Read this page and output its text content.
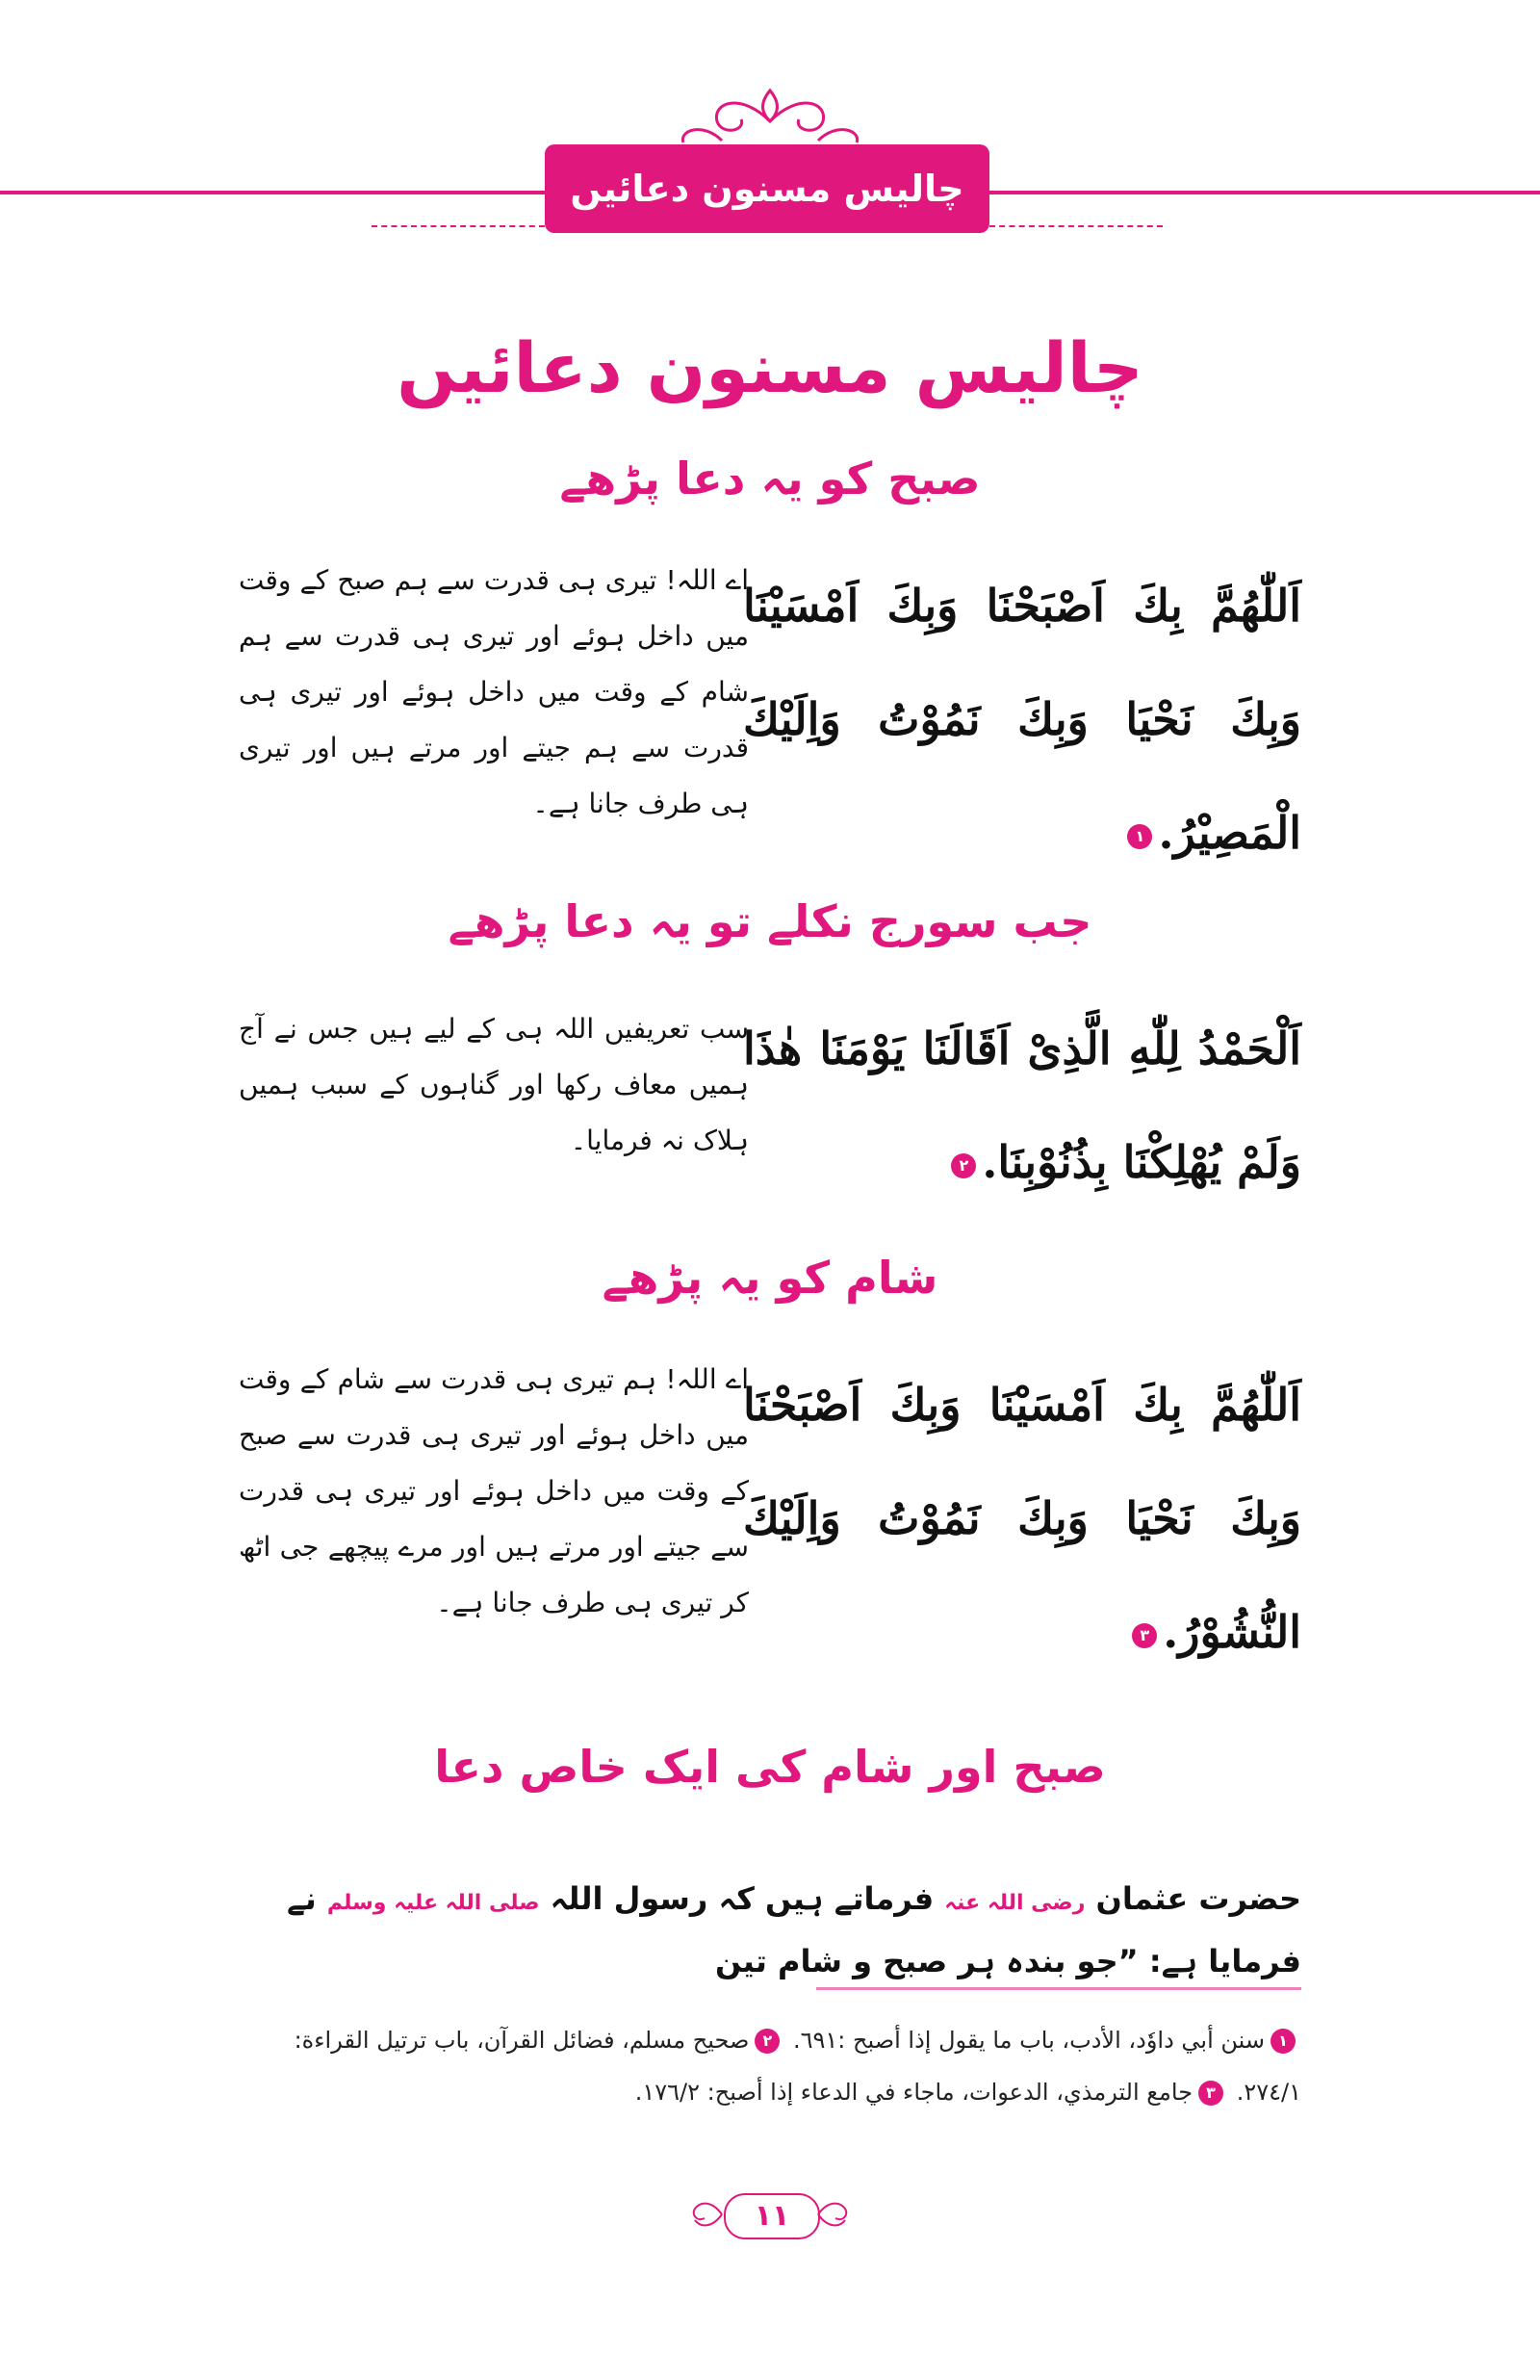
چالیس مسنون دعائیں
چالیس مسنون دعائیں
صبح کو یہ دعا پڑھے
اَللّٰهُمَّ بِكَ اَصْبَحْنَا وَبِكَ اَمْسَيْنَا وَبِكَ نَحْيَا وَبِكَ نَمُوْتُ وَاِلَيْكَ الْمَصِيْرُ.١
اے اللہ! تیری ہی قدرت سے ہم صبح کے وقت میں داخل ہوئے اور تیری ہی قدرت سے ہم شام کے وقت میں داخل ہوئے اور تیری ہی قدرت سے ہم جیتے اور مرتے ہیں اور تیری ہی طرف جانا ہے۔
جب سورج نکلے تو یہ دعا پڑھے
اَلْحَمْدُ لِلّٰهِ الَّذِىْ اَقَالَنَا يَوْمَنَا هٰذَا وَلَمْ يُهْلِكْنَا بِذُنُوْبِنَا.٢
سب تعریفیں اللہ ہی کے لیے ہیں جس نے آج ہمیں معاف رکھا اور گناہوں کے سبب ہمیں ہلاک نہ فرمایا۔
شام کو یہ پڑھے
اَللّٰهُمَّ بِكَ اَمْسَيْنَا وَبِكَ اَصْبَحْنَا وَبِكَ نَحْيَا وَبِكَ نَمُوْتُ وَاِلَيْكَ النُّشُوْرُ.٣
اے اللہ! ہم تیری ہی قدرت سے شام کے وقت میں داخل ہوئے اور تیری ہی قدرت سے صبح کے وقت میں داخل ہوئے اور تیری ہی قدرت سے جیتے اور مرتے ہیں اور مرے پیچھے جی اٹھ کر تیری ہی طرف جانا ہے۔
صبح اور شام کی ایک خاص دعا
حضرت عثمان رضی اللہ عنہ فرماتے ہیں کہ رسول اللہ صلی اللہ علیہ وسلم نے فرمایا ہے: ”جو بندہ ہر صبح و شام تین
١سنن أبي داوٗد، الأدب، باب ما يقول إذا أصبح :٦٩١. ٢صحيح مسلم، فضائل القرآن، باب ترتيل القراءة:
٢٧٤/١. ٣جامع الترمذي، الدعوات، ماجاء في الدعاء إذا أصبح: ١٧٦/٢.
١١
